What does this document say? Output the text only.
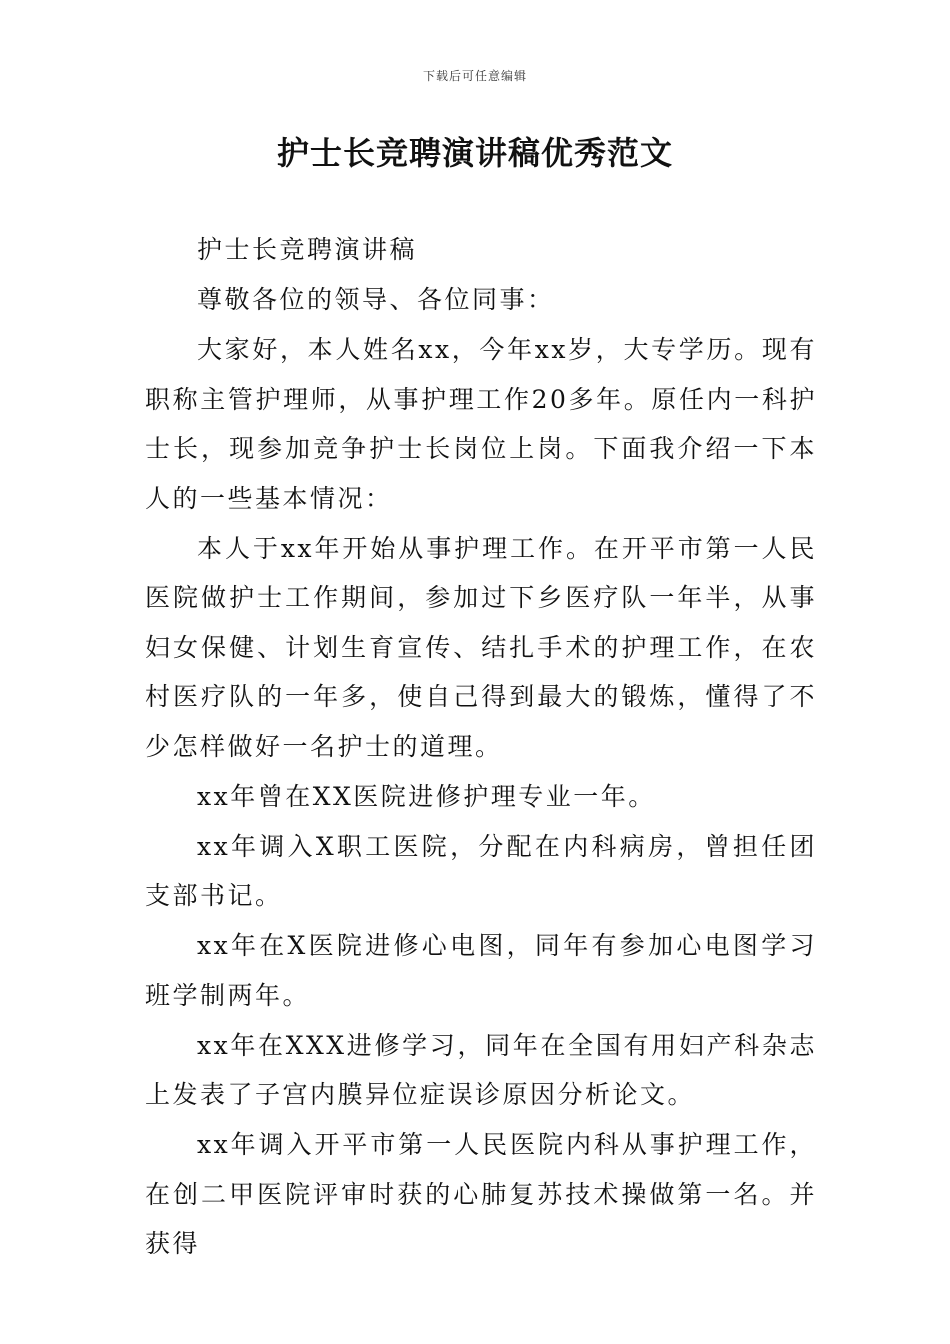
下载后可任意编辑
护士长竞聘演讲稿优秀范文

护士长竞聘演讲稿

尊敬各位的领导、各位同事：

大家好，本人姓名xx，今年xx岁，大专学历。现有职称主管护理师，从事护理工作20多年。原任内一科护士长，现参加竞争护士长岗位上岗。下面我介绍一下本人的一些基本情况：

本人于xx年开始从事护理工作。在开平市第一人民医院做护士工作期间，参加过下乡医疗队一年半，从事妇女保健、计划生育宣传、结扎手术的护理工作，在农村医疗队的一年多，使自己得到最大的锻炼，懂得了不少怎样做好一名护士的道理。

xx年曾在XX医院进修护理专业一年。

xx年调入X职工医院，分配在内科病房，曾担任团支部书记。

xx年在X医院进修心电图，同年有参加心电图学习班学制两年。

xx年在XXX进修学习，同年在全国有用妇产科杂志上发表了子宫内膜异位症误诊原因分析论文。

xx年调入开平市第一人民医院内科从事护理工作，在创二甲医院评审时获的心肺复苏技术操做第一名。并获得
